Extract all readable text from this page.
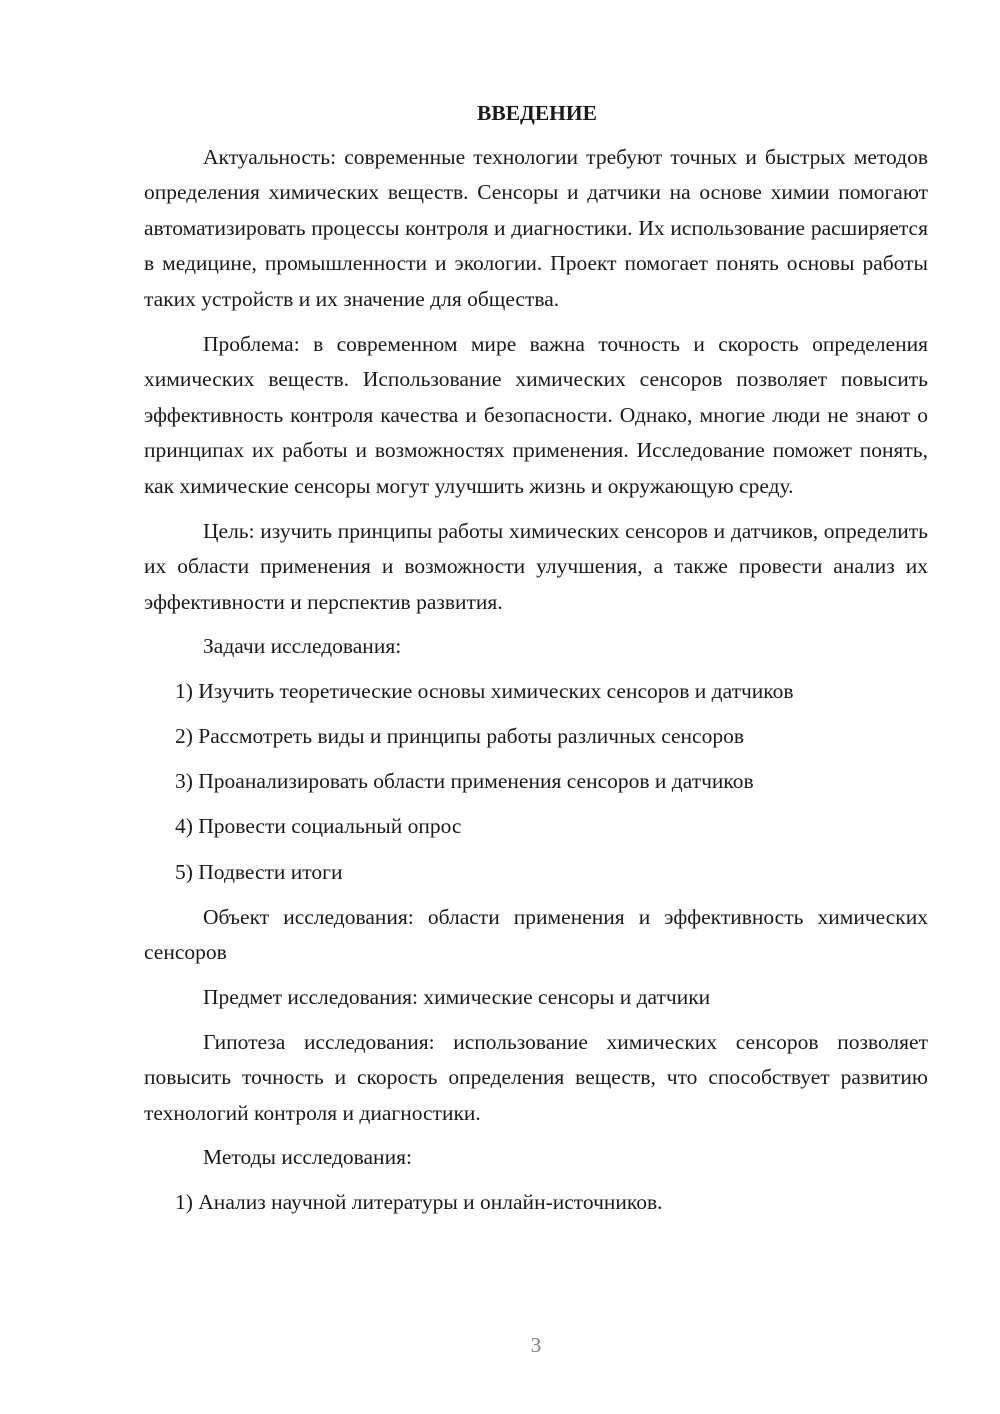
ВВЕДЕНИЕ

Актуальность: современные технологии требуют точных и быстрых методов определения химических веществ. Сенсоры и датчики на основе химии помогают автоматизировать процессы контроля и диагностики. Их использование расширяется в медицине, промышленности и экологии. Проект помогает понять основы работы таких устройств и их значение для общества.

Проблема: в современном мире важна точность и скорость определения химических веществ. Использование химических сенсоров позволяет повысить эффективность контроля качества и безопасности. Однако, многие люди не знают о принципах их работы и возможностях применения. Исследование поможет понять, как химические сенсоры могут улучшить жизнь и окружающую среду.

Цель: изучить принципы работы химических сенсоров и датчиков, определить их области применения и возможности улучшения, а также провести анализ их эффективности и перспектив развития.

Задачи исследования:

1) Изучить теоретические основы химических сенсоров и датчиков

2) Рассмотреть виды и принципы работы различных сенсоров

3) Проанализировать области применения сенсоров и датчиков

4) Провести социальный опрос

5) Подвести итоги

Объект исследования: области применения и эффективность химических сенсоров

Предмет исследования: химические сенсоры и датчики

Гипотеза исследования: использование химических сенсоров позволяет повысить точность и скорость определения веществ, что способствует развитию технологий контроля и диагностики.

Методы исследования:

1) Анализ научной литературы и онлайн-источников.

3
